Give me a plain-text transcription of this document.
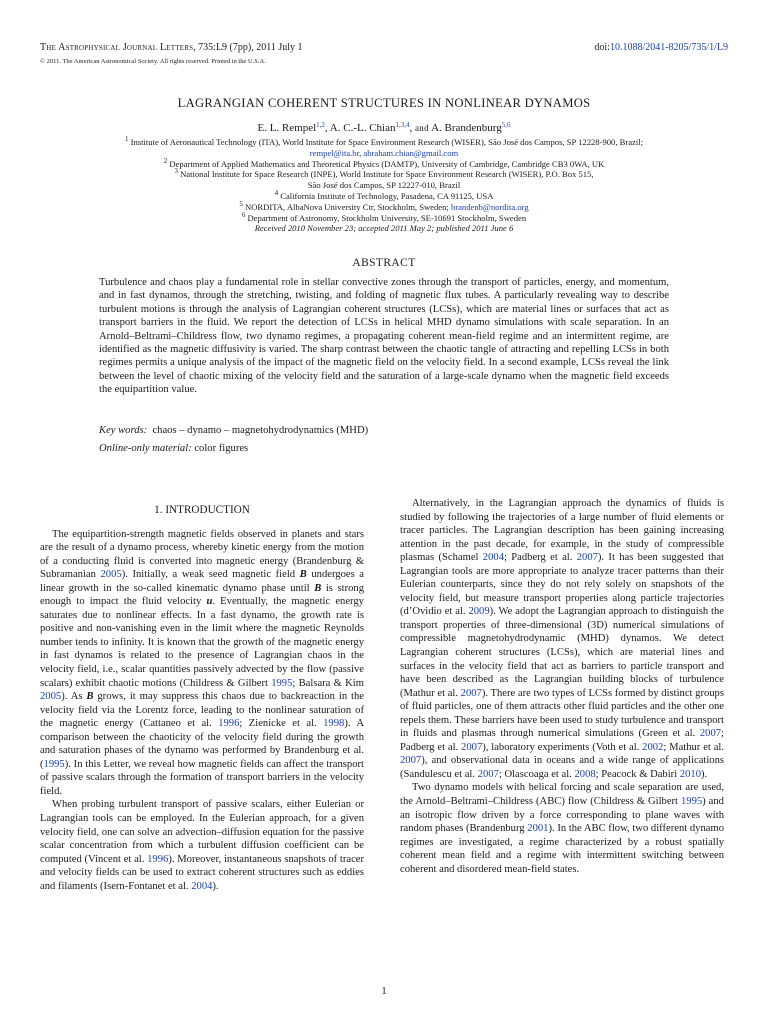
The Astrophysical Journal Letters, 735:L9 (7pp), 2011 July 1	doi:10.1088/2041-8205/735/1/L9
© 2011. The American Astronomical Society. All rights reserved. Printed in the U.S.A.
LAGRANGIAN COHERENT STRUCTURES IN NONLINEAR DYNAMOS
E. L. Rempel$^{1,2}$, A. C.-L. Chian$^{1,3,4}$, and A. Brandenburg$^{5,6}$
$^1$ Institute of Aeronautical Technology (ITA), World Institute for Space Environment Research (WISER), São José dos Campos, SP 12228-900, Brazil;
rempel@ita.br, abraham.chian@gmail.com
$^2$ Department of Applied Mathematics and Theoretical Physics (DAMTP), University of Cambridge, Cambridge CB3 0WA, UK
$^3$ National Institute for Space Research (INPE), World Institute for Space Environment Research (WISER), P.O. Box 515,
São José dos Campos, SP 12227-010, Brazil
$^4$ California Institute of Technology, Pasadena, CA 91125, USA
$^5$ NORDITA, AlbaNova University Ctr, Stockholm, Sweden; brandenb@nordita.org
$^6$ Department of Astronomy, Stockholm University, SE-10691 Stockholm, Sweden
Received 2010 November 23; accepted 2011 May 2; published 2011 June 6
ABSTRACT
Turbulence and chaos play a fundamental role in stellar convective zones through the transport of particles, energy, and momentum, and in fast dynamos, through the stretching, twisting, and folding of magnetic flux tubes. A particularly revealing way to describe turbulent motions is through the analysis of Lagrangian coherent structures (LCSs), which are material lines or surfaces that act as transport barriers in the fluid. We report the detection of LCSs in helical MHD dynamo simulations with scale separation. In an Arnold–Beltrami–Childress flow, two dynamo regimes, a propagating coherent mean-field regime and an intermittent regime, are identified as the magnetic diffusivity is varied. The sharp contrast between the chaotic tangle of attracting and repelling LCSs in both regimes permits a unique analysis of the impact of the magnetic field on the velocity field. In a second example, LCSs reveal the link between the level of chaotic mixing of the velocity field and the saturation of a large-scale dynamo when the magnetic field exceeds the equipartition value.
Key words: chaos – dynamo – magnetohydrodynamics (MHD)
Online-only material: color figures
1. INTRODUCTION

The equipartition-strength magnetic fields observed in planets and stars are the result of a dynamo process, whereby kinetic energy from the motion of a conducting fluid is converted into magnetic energy (Brandenburg & Subramanian 2005). Initially, a weak seed magnetic field B undergoes a linear growth in the so-called kinematic dynamo phase until B is strong enough to impact the fluid velocity u. Eventually, the magnetic energy saturates due to nonlinear effects. In a fast dynamo, the growth rate is positive and non-vanishing even in the limit where the magnetic Reynolds number tends to infinity. It is known that the growth of the magnetic energy in fast dynamos is related to the presence of Lagrangian chaos in the velocity field, i.e., scalar quantities passively advected by the flow (passive scalars) exhibit chaotic motions (Childress & Gilbert 1995; Balsara & Kim 2005). As B grows, it may suppress this chaos due to backreaction in the velocity field via the Lorentz force, leading to the nonlinear saturation of the magnetic energy (Cattaneo et al. 1996; Zienicke et al. 1998). A comparison between the chaoticity of the velocity field during the growth and saturation phases of the dynamo was performed by Brandenburg et al. (1995). In this Letter, we reveal how magnetic fields can affect the transport of passive scalars through the formation of transport barriers in the velocity field.

When probing turbulent transport of passive scalars, either Eulerian or Lagrangian tools can be employed. In the Eulerian approach, for a given velocity field, one can solve an advection–diffusion equation for the passive scalar concentration from which a turbulent diffusion coefficient can be computed (Vincent et al. 1996). Moreover, instantaneous snapshots of tracer and velocity fields can be used to extract coherent structures such as eddies and filaments (Isern-Fontanet et al. 2004).

Alternatively, in the Lagrangian approach the dynamics of fluids is studied by following the trajectories of a large number of fluid elements or tracer particles. The Lagrangian description has been gaining increasing attention in the past decade, for example, in the study of compressible plasmas (Schamel 2004; Padberg et al. 2007). It has been suggested that Lagrangian tools are more appropriate to analyze tracer patterns than their Eulerian counterparts, since they do not rely solely on snapshots of the velocity field, but measure transport properties along particle trajectories (d’Ovidio et al. 2009). We adopt the Lagrangian approach to distinguish the transport properties of three-dimensional (3D) numerical simulations of compressible magnetohydrodynamic (MHD) dynamos. We detect Lagrangian coherent structures (LCSs), which are material lines and surfaces in the velocity field that act as barriers to particle transport and have been described as the Lagrangian building blocks of turbulence (Mathur et al. 2007). There are two types of LCSs formed by distinct groups of fluid particles, one of them attracts other fluid particles and the other one repels them. These barriers have been used to study turbulence and transport in fluids and plasmas through numerical simulations (Green et al. 2007; Padberg et al. 2007), laboratory experiments (Voth et al. 2002; Mathur et al. 2007), and observational data in oceans and a wide range of applications (Sandulescu et al. 2007; Olascoaga et al. 2008; Peacock & Dabiri 2010).

Two dynamo models with helical forcing and scale separation are used, the Arnold–Beltrami–Childress (ABC) flow (Childress & Gilbert 1995) and an isotropic flow driven by a force corresponding to plane waves with random phases (Brandenburg 2001). In the ABC flow, two different dynamo regimes are investigated, a regime characterized by a robust spatially coherent mean field and a regime with intermittent switching between coherent and disordered mean-field states.

1
